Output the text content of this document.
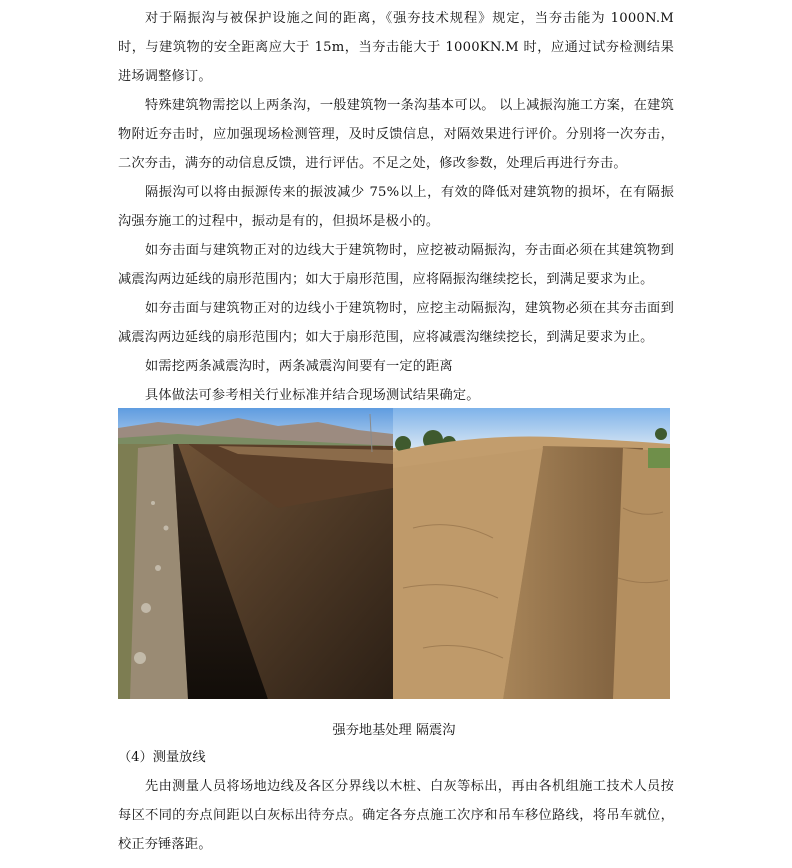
对于隔振沟与被保护设施之间的距离，《强夯技术规程》规定，当夯击能为 1000N.M 时，与建筑物的安全距离应大于 15m，当夯击能大于 1000KN.M 时，应通过试夯检测结果进场调整修订。

特殊建筑物需挖以上两条沟，一般建筑物一条沟基本可以。 以上减振沟施工方案，在建筑物附近夯击时，应加强现场检测管理，及时反馈信息，对隔效果进行评价。分别将一次夯击，二次夯击，满夯的动信息反馈，进行评估。不足之处，修改参数，处理后再进行夯击。

隔振沟可以将由振源传来的振波减少 75%以上，有效的降低对建筑物的损坏，在有隔振沟强夯施工的过程中，振动是有的，但损坏是极小的。

如夯击面与建筑物正对的边线大于建筑物时，应挖被动隔振沟，夯击面必须在其建筑物到减震沟两边延线的扇形范围内；如大于扇形范围，应将隔振沟继续挖长，到满足要求为止。

如夯击面与建筑物正对的边线小于建筑物时，应挖主动隔振沟，建筑物必须在其夯击面到减震沟两边延线的扇形范围内；如大于扇形范围，应将减震沟继续挖长，到满足要求为止。

如需挖两条减震沟时，两条减震沟间要有一定的距离

具体做法可参考相关行业标准并结合现场测试结果确定。

强夯地基处理 隔震沟
（4）测量放线

先由测量人员将场地边线及各区分界线以木桩、白灰等标出，再由各机组施工技术人员按每区不同的夯点间距以白灰标出待夯点。确定各夯点施工次序和吊车移位路线，将吊车就位，校正夯锤落距。
